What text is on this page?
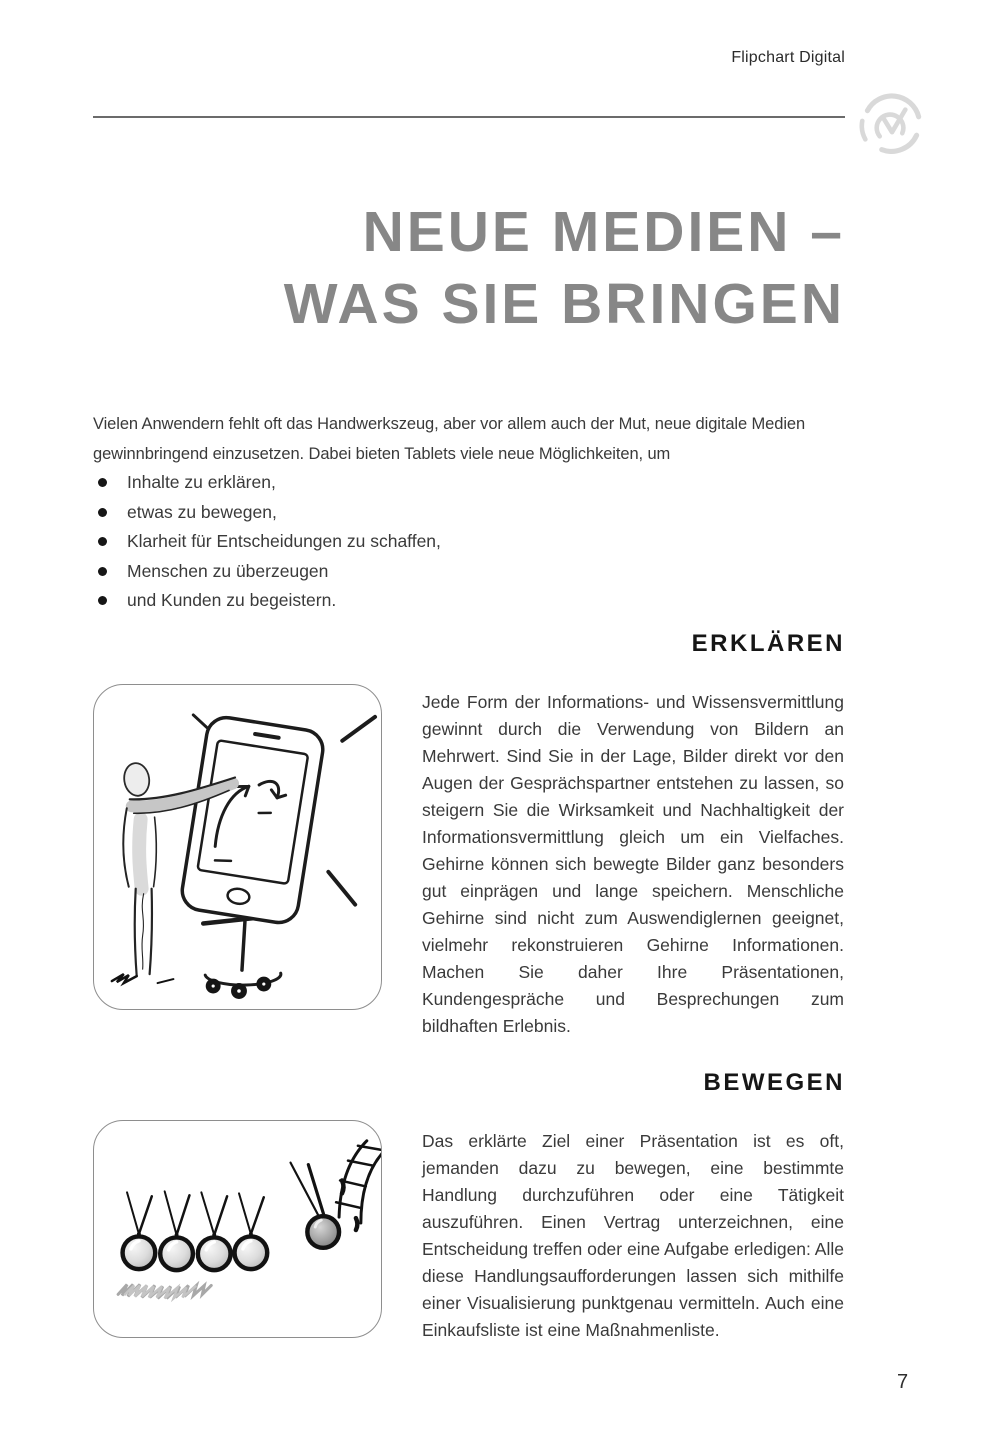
Flipchart Digital
NEUE MEDIEN –
WAS SIE BRINGEN

Vielen Anwendern fehlt oft das Handwerkszeug, aber vor allem auch der Mut, neue digitale Medien gewinnbringend einzusetzen. Dabei bieten Tablets viele neue Möglichkeiten, um

Inhalte zu erklären,
etwas zu bewegen,
Klarheit für Entscheidungen zu schaffen,
Menschen zu überzeugen
und Kunden zu begeistern.
ERKLÄREN

Jede Form der Informations- und Wissensvermittlung gewinnt durch die Verwendung von Bildern an Mehrwert. Sind Sie in der Lage, Bilder direkt vor den Augen der Gesprächspartner entstehen zu lassen, so steigern Sie die Wirksamkeit und Nachhaltigkeit der Informationsvermittlung gleich um ein Vielfaches. Gehirne können sich bewegte Bilder ganz besonders gut einprägen und lange speichern. Menschliche Gehirne sind nicht zum Auswendiglernen geeignet, vielmehr rekonstruieren Gehirne Informationen. Machen Sie daher Ihre Präsentationen, Kundengespräche und Besprechungen zum bildhaften Erlebnis.

BEWEGEN

Das erklärte Ziel einer Präsentation ist es oft, jemanden dazu zu bewegen, eine bestimmte Handlung durchzuführen oder eine Tätigkeit auszuführen. Einen Vertrag unterzeichnen, eine Entscheidung treffen oder eine Aufgabe erledigen: Alle diese Handlungsaufforderungen lassen sich mithilfe einer Visualisierung punktgenau vermitteln. Auch eine Einkaufsliste ist eine Maßnahmenliste.

7
